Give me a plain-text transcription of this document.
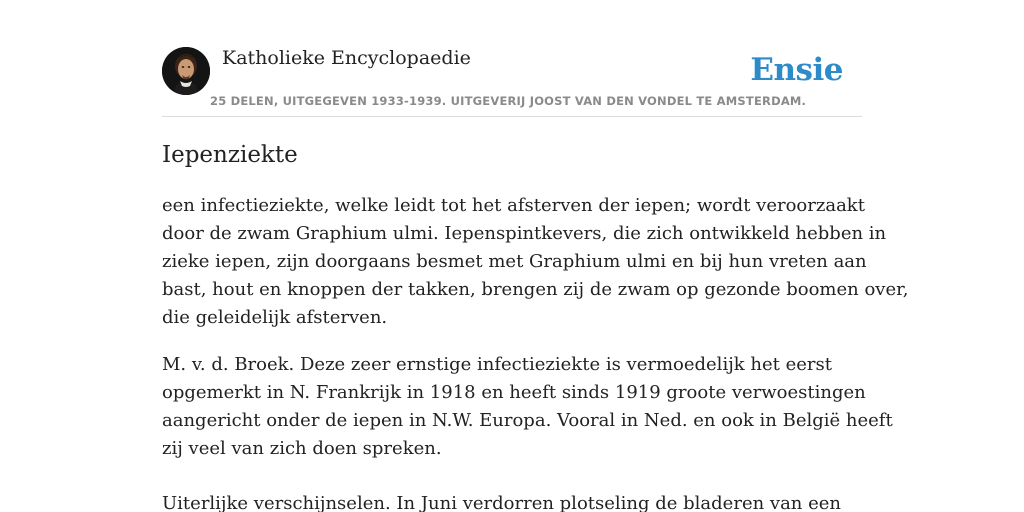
Katholieke Encyclopaedie
25 DELEN, UITGEGEVEN 1933-1939. UITGEVERIJ JOOST VAN DEN VONDEL TE AMSTERDAM.
Ensie
Iepenziekte

een infectieziekte, welke leidt tot het afsterven der iepen; wordt veroorzaakt
door de zwam Graphium ulmi. Iepenspintkevers, die zich ontwikkeld hebben in
zieke iepen, zijn doorgaans besmet met Graphium ulmi en bij hun vreten aan
bast, hout en knoppen der takken, brengen zij de zwam op gezonde boomen over,
die geleidelijk afsterven.

M. v. d. Broek. Deze zeer ernstige infectieziekte is vermoedelijk het eerst
opgemerkt in N. Frankrijk in 1918 en heeft sinds 1919 groote verwoestingen
aangericht onder de iepen in N.W. Europa. Vooral in Ned. en ook in België heeft
zij veel van zich doen spreken.

Uiterlijke verschijnselen. In Juni verdorren plotseling de bladeren van een
